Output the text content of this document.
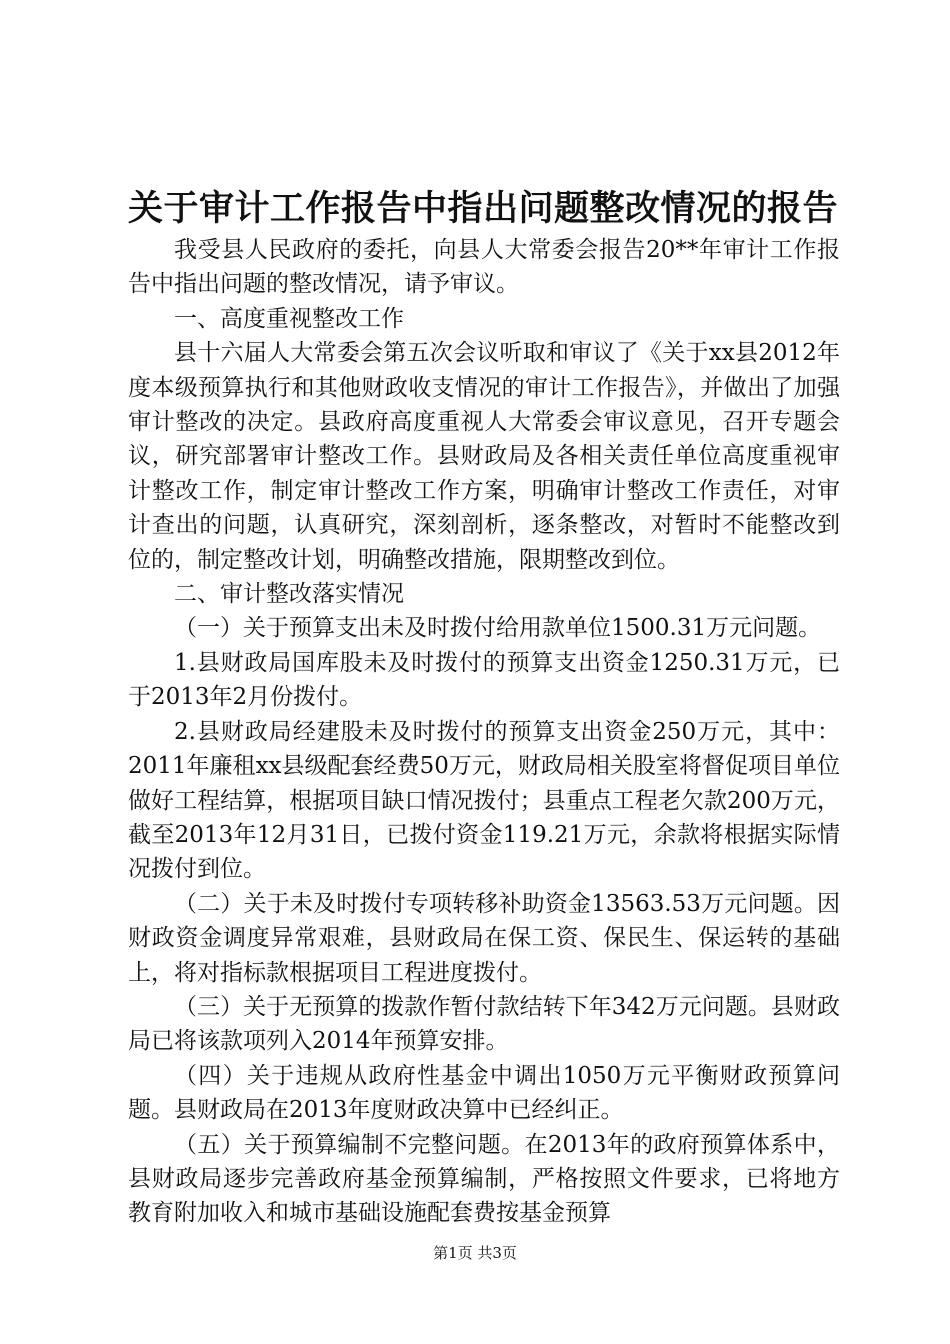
关于审计工作报告中指出问题整改情况的报告

我受县人民政府的委托，向县人大常委会报告20**年审计工作报告中指出问题的整改情况，请予审议。

一、高度重视整改工作

县十六届人大常委会第五次会议听取和审议了《关于xx县2012年度本级预算执行和其他财政收支情况的审计工作报告》，并做出了加强审计整改的决定。县政府高度重视人大常委会审议意见，召开专题会议，研究部署审计整改工作。县财政局及各相关责任单位高度重视审计整改工作，制定审计整改工作方案，明确审计整改工作责任，对审计查出的问题，认真研究，深刻剖析，逐条整改，对暂时不能整改到位的，制定整改计划，明确整改措施，限期整改到位。

二、审计整改落实情况

（一）关于预算支出未及时拨付给用款单位1500.31万元问题。

1.县财政局国库股未及时拨付的预算支出资金1250.31万元，已于2013年2月份拨付。

2.县财政局经建股未及时拨付的预算支出资金250万元，其中：2011年廉租xx县级配套经费50万元，财政局相关股室将督促项目单位做好工程结算，根据项目缺口情况拨付；县重点工程老欠款200万元，截至2013年12月31日，已拨付资金119.21万元，余款将根据实际情况拨付到位。

（二）关于未及时拨付专项转移补助资金13563.53万元问题。因财政资金调度异常艰难，县财政局在保工资、保民生、保运转的基础上，将对指标款根据项目工程进度拨付。

（三）关于无预算的拨款作暂付款结转下年342万元问题。县财政局已将该款项列入2014年预算安排。

（四）关于违规从政府性基金中调出1050万元平衡财政预算问题。县财政局在2013年度财政决算中已经纠正。

（五）关于预算编制不完整问题。在2013年的政府预算体系中，县财政局逐步完善政府基金预算编制，严格按照文件要求，已将地方教育附加收入和城市基础设施配套费按基金预算

第1页 共3页
